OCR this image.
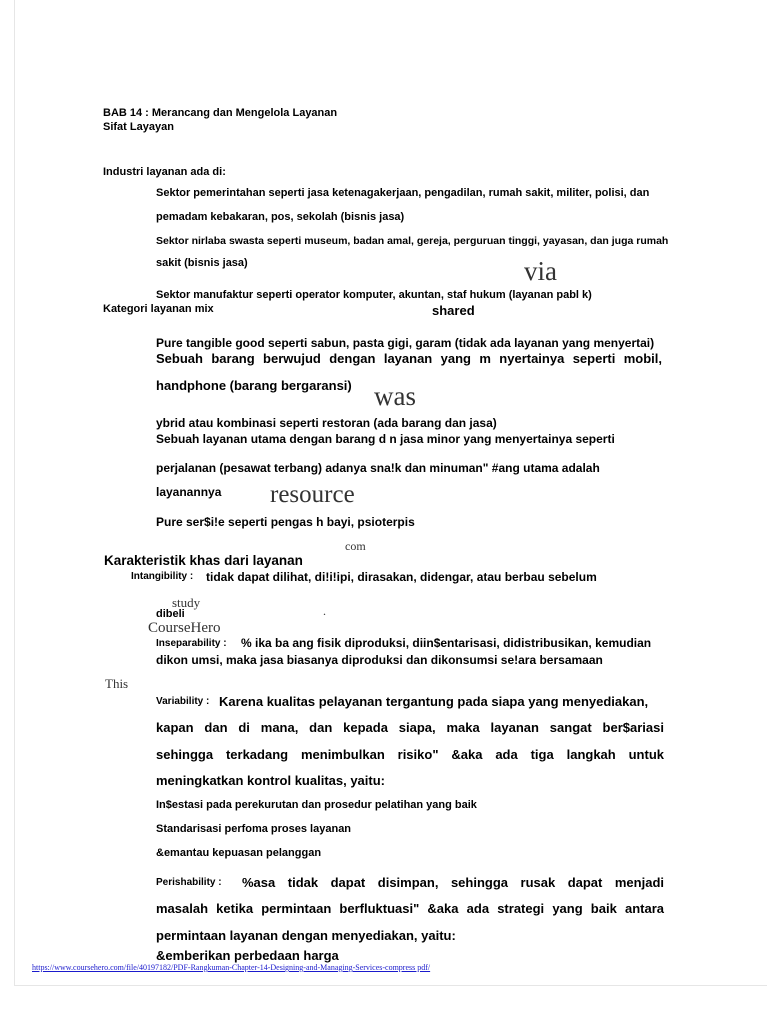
BAB 14 : Merancang dan Mengelola Layanan
Sifat Layayan
Industri layanan ada di:
Sektor pemerintahan seperti jasa ketenagakerjaan, pengadilan, rumah sakit, militer, polisi, dan
pemadam kebakaran, pos, sekolah (bisnis jasa)
Sektor nirlaba swasta seperti museum, badan amal, gereja, perguruan tinggi, yayasan, dan juga rumah
sakit (bisnis jasa)
Sektor manufaktur seperti operator komputer, akuntan, staf hukum (layanan pabl k)
Kategori layanan mix
Pure tangible good seperti sabun, pasta gigi, garam (tidak ada layanan yang menyertai)
Sebuah barang berwujud dengan layanan yang m nyertainya seperti mobil,
handphone (barang bergaransi)
ybrid atau kombinasi seperti restoran (ada barang dan jasa)
Sebuah layanan utama dengan barang d n jasa minor yang menyertainya seperti
perjalanan (pesawat terbang) adanya sna!k dan minuman" #ang utama adalah
layanannya
Pure ser$i!e seperti pengas h bayi, psioterpis
Karakteristik khas dari layanan
Intangibility : tidak dapat dilihat, di!i!ipi, dirasakan, didengar, atau berbau sebelum
dibeli
Inseparability : % ika ba ang fisik diproduksi, diin$entarisasi, didistribusikan, kemudian
dikon umsi, maka jasa biasanya diproduksi dan dikonsumsi se!ara bersamaan
Variability : Karena kualitas pelayanan tergantung pada siapa yang menyediakan,
kapan dan di mana, dan kepada siapa, maka layanan sangat ber$ariasi
sehingga terkadang menimbulkan risiko" &aka ada tiga langkah untuk
meningkatkan kontrol kualitas, yaitu:
In$estasi pada perekurutan dan prosedur pelatihan yang baik
Standarisasi perfoma proses layanan
&emantau kepuasan pelanggan
Perishability : %asa tidak dapat disimpan, sehingga rusak dapat menjadi
masalah ketika permintaan berfluktuasi" &aka ada strategi yang baik antara
permintaan layanan dengan menyediakan, yaitu:
&emberikan perbedaan harga
via
shared
was
resource
com
study
CourseHero
.
This
https://www.coursehero.com/file/40197182/PDF-Rangkuman-Chapter-14-Designing-and-Managing-Services-compress pdf/
